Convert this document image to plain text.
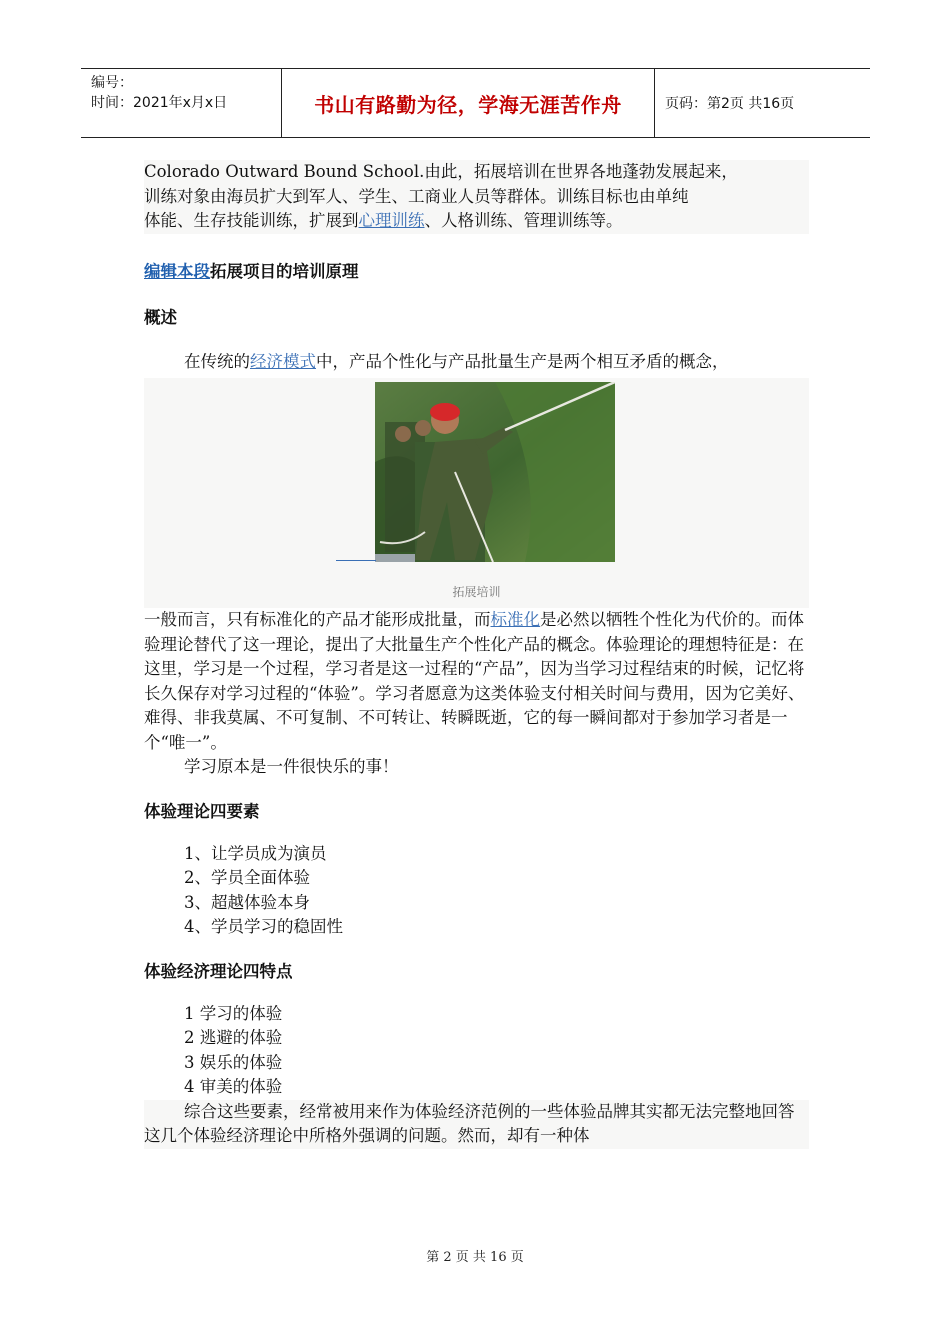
编号：
时间：2021年x月x日	书山有路勤为径，学海无涯苦作舟	页码：第2页 共16页

Colorado Outward Bound School.由此，拓展培训在世界各地蓬勃发展起来，

训练对象由海员扩大到军人、学生、工商业人员等群体。训练目标也由单纯

体能、生存技能训练，扩展到心理训练、人格训练、管理训练等。

编辑本段拓展项目的培训原理

概述

在传统的经济模式中，产品个性化与产品批量生产是两个相互矛盾的概念，

拓展培训

一般而言，只有标准化的产品才能形成批量，而标准化是必然以牺牲个性化为代价的。而体验理论替代了这一理论，提出了大批量生产个性化产品的概念。体验理论的理想特征是：在这里，学习是一个过程，学习者是这一过程的“产品”，因为当学习过程结束的时候，记忆将长久保存对学习过程的“体验”。学习者愿意为这类体验支付相关时间与费用，因为它美好、难得、非我莫属、不可复制、不可转让、转瞬既逝，它的每一瞬间都对于参加学习者是一个“唯一”。

学习原本是一件很快乐的事！

体验理论四要素

1、让学员成为演员
2、学员全面体验
3、超越体验本身
4、学员学习的稳固性

体验经济理论四特点

1 学习的体验
2 逃避的体验
3 娱乐的体验
4 审美的体验

综合这些要素，经常被用来作为体验经济范例的一些体验品牌其实都无法完整地回答这几个体验经济理论中所格外强调的问题。然而，却有一种体

第 2 页 共 16 页
